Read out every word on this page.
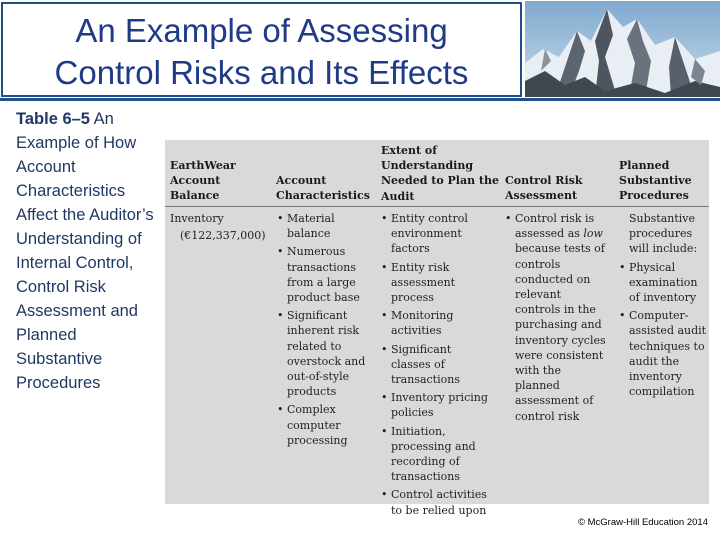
An Example of Assessing
Control Risks and Its Effects
Table 6–5 An Example of How Account Characteristics Affect the Auditor’s Understanding of Internal Control, Control Risk Assessment and Planned Substantive Procedures
EarthWear
Account
Balance
Inventory
(€122,337,000)
Account
Characteristics
• Material balance
• Numerous transactions from a large product base
• Significant inherent risk related to overstock and out-of-style products
• Complex computer processing
Extent of
Understanding
Needed to Plan the
Audit
• Entity control environment factors
• Entity risk assessment process
• Monitoring activities
• Significant classes of transactions
• Inventory pricing policies
• Initiation, processing and recording of transactions
• Control activities to be relied upon
Control Risk
Assessment
• Control risk is assessed as low because tests of controls conducted on relevant controls in the purchasing and inventory cycles were consistent with the planned assessment of control risk
Planned
Substantive
Procedures
Substantive procedures will include:
• Physical examination of inventory
• Computer-assisted audit techniques to audit the inventory compilation
© McGraw-Hill Education 2014
